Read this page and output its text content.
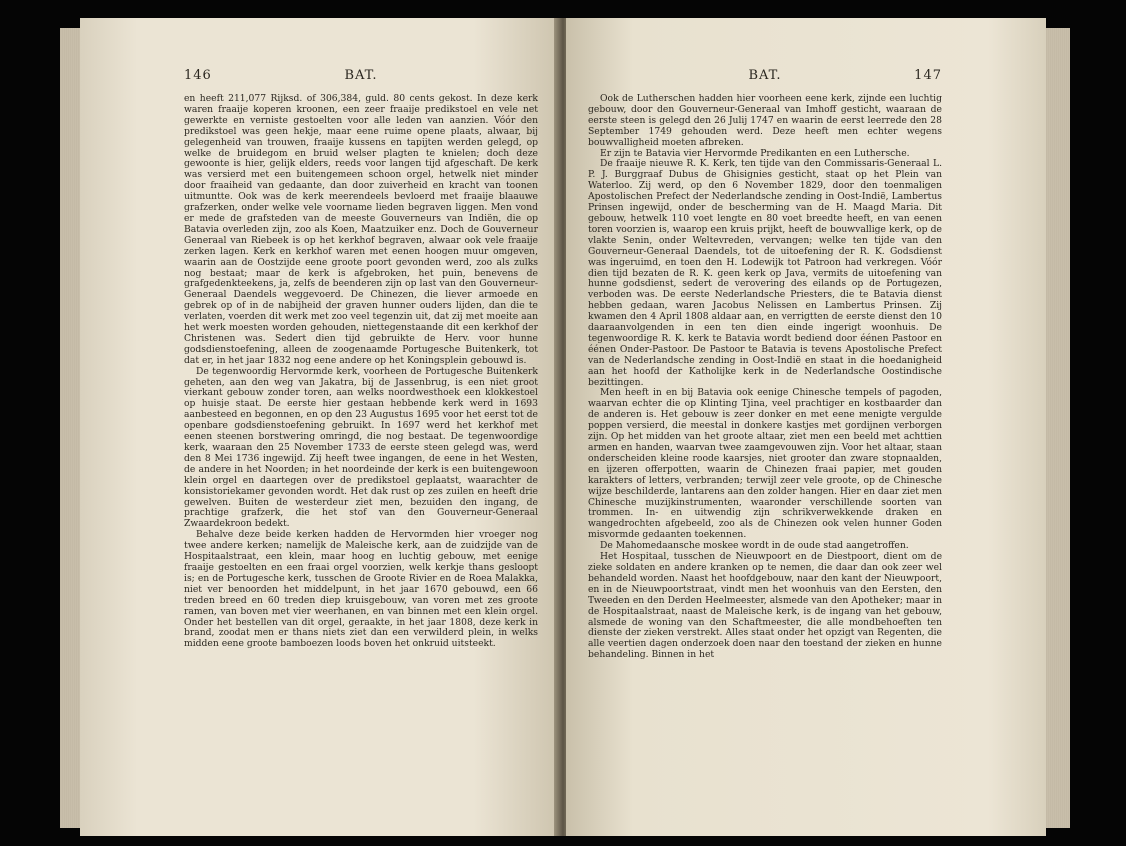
146	BAT.

en heeft 211,077 Rijksd. of 306,384, guld. 80 cents gekost. In deze kerk waren fraaije koperen kroonen, een zeer fraaije predikstoel en vele net gewerkte en verniste gestoelten voor alle leden van aanzien. Vóór den predikstoel was geen hekje, maar eene ruime opene plaats, alwaar, bij gelegenheid van trouwen, fraaije kussens en tapijten werden gelegd, op welke de bruidegom en bruid welser plagten te knielen; doch deze gewoonte is hier, gelijk elders, reeds voor langen tijd afgeschaft. De kerk was versierd met een buitengemeen schoon orgel, hetwelk niet minder door fraaiheid van gedaante, dan door zuiverheid en kracht van toonen uitmuntte. Ook was de kerk meerendeels bevloerd met fraaije blaauwe grafzerken, onder welke vele voorname lieden begraven liggen. Men vond er mede de grafsteden van de meeste Gouverneurs van Indiën, die op Batavia overleden zijn, zoo als Koen, Maatzuiker enz. Doch de Gouverneur Generaal van Riebeek is op het kerkhof begraven, alwaar ook vele fraaije zerken lagen. Kerk en kerkhof waren met eenen hoogen muur omgeven, waarin aan de Oostzijde eene groote poort gevonden werd, zoo als zulks nog bestaat; maar de kerk is afgebroken, het puin, benevens de grafgedenkteekens, ja, zelfs de beenderen zijn op last van den Gouverneur-Generaal Daendels weggevoerd. De Chinezen, die liever armoede en gebrek op of in de nabijheid der graven hunner ouders lijden, dan die te verlaten, voerden dit werk met zoo veel tegenzin uit, dat zij met moeite aan het werk moesten worden gehouden, niettegenstaande dit een kerkhof der Christenen was. Sedert dien tijd gebruikte de Herv. voor hunne godsdienstoefening, alleen de zoogenaamde Portugesche Buitenkerk, tot dat er, in het jaar 1832 nog eene andere op het Koningsplein gebouwd is.

De tegenwoordig Hervormde kerk, voorheen de Portugesche Buitenkerk geheten, aan den weg van Jakatra, bij de Jassenbrug, is een niet groot vierkant gebouw zonder toren, aan welks noordwesthoek een klokkestoel op huisje staat. De eerste hier gestaan hebbende kerk werd in 1693 aanbesteed en begonnen, en op den 23 Augustus 1695 voor het eerst tot de openbare godsdienstoefening gebruikt. In 1697 werd het kerkhof met eenen steenen borstwering omringd, die nog bestaat. De tegenwoordige kerk, waaraan den 25 November 1733 de eerste steen gelegd was, werd den 8 Mei 1736 ingewijd. Zij heeft twee ingangen, de eene in het Westen, de andere in het Noorden; in het noordeinde der kerk is een buitengewoon klein orgel en daartegen over de predikstoel geplaatst, waarachter de konsistoriekamer gevonden wordt. Het dak rust op zes zuilen en heeft drie gewelven. Buiten de westerdeur ziet men, bezuiden den ingang, de prachtige grafzerk, die het stof van den Gouverneur-Generaal Zwaardekroon bedekt.

Behalve deze beide kerken hadden de Hervormden hier vroeger nog twee andere kerken; namelijk de Maleische kerk, aan de zuidzijde van de Hospitaalstraat, een klein, maar hoog en luchtig gebouw, met eenige fraaije gestoelten en een fraai orgel voorzien, welk kerkje thans gesloopt is; en de Portugesche kerk, tusschen de Groote Rivier en de Roea Malakka, niet ver benoorden het middelpunt, in het jaar 1670 gebouwd, een 66 treden breed en 60 treden diep kruisgebouw, van voren met zes groote ramen, van boven met vier weerhanen, en van binnen met een klein orgel. Onder het bestellen van dit orgel, geraakte, in het jaar 1808, deze kerk in brand, zoodat men er thans niets ziet dan een verwilderd plein, in welks midden eene groote bamboezen loods boven het onkruid uitsteekt.

BAT.	147

Ook de Lutherschen hadden hier voorheen eene kerk, zijnde een luchtig gebouw, door den Gouverneur-Generaal van Imhoff gesticht, waaraan de eerste steen is gelegd den 26 Julij 1747 en waarin de eerst leerrede den 28 September 1749 gehouden werd. Deze heeft men echter wegens bouwvalligheid moeten afbreken.

Er zijn te Batavia vier Hervormde Predikanten en een Luthersche.

De fraaije nieuwe R. K. Kerk, ten tijde van den Commissaris-Generaal L. P. J. Burggraaf Dubus de Ghisignies gesticht, staat op het Plein van Waterloo. Zij werd, op den 6 November 1829, door den toenmaligen Apostolischen Prefect der Nederlandsche zending in Oost-Indië, Lambertus Prinsen ingewijd, onder de bescherming van de H. Maagd Maria. Dit gebouw, hetwelk 110 voet lengte en 80 voet breedte heeft, en van eenen toren voorzien is, waarop een kruis prijkt, heeft de bouwvallige kerk, op de vlakte Senin, onder Weltevreden, vervangen; welke ten tijde van den Gouverneur-Generaal Daendels, tot de uitoefening der R. K. Godsdienst was ingeruimd, en toen den H. Lodewijk tot Patroon had verkregen. Vóór dien tijd bezaten de R. K. geen kerk op Java, vermits de uitoefening van hunne godsdienst, sedert de verovering des eilands op de Portugezen, verboden was. De eerste Nederlandsche Priesters, die te Batavia dienst hebben gedaan, waren Jacobus Nelissen en Lambertus Prinsen. Zij kwamen den 4 April 1808 aldaar aan, en verrigtten de eerste dienst den 10 daaraanvolgenden in een ten dien einde ingerigt woonhuis. De tegenwoordige R. K. kerk te Batavia wordt bediend door éénen Pastoor en éénen Onder-Pastoor. De Pastoor te Batavia is tevens Apostolische Prefect van de Nederlandsche zending in Oost-Indië en staat in die hoedanigheid aan het hoofd der Katholijke kerk in de Nederlandsche Oostindische bezittingen.

Men heeft in en bij Batavia ook eenige Chinesche tempels of pagoden, waarvan echter die op Klinting Tjina, veel prachtiger en kostbaarder dan de anderen is. Het gebouw is zeer donker en met eene menigte vergulde poppen versierd, die meestal in donkere kastjes met gordijnen verborgen zijn. Op het midden van het groote altaar, ziet men een beeld met achttien armen en handen, waarvan twee zaamgevouwen zijn. Voor het altaar, staan onderscheiden kleine roode kaarsjes, niet grooter dan zware stopnaalden, en ijzeren offerpotten, waarin de Chinezen fraai papier, met gouden karakters of letters, verbranden; terwijl zeer vele groote, op de Chinesche wijze beschilderde, lantarens aan den zolder hangen. Hier en daar ziet men Chinesche muzijkinstrumenten, waaronder verschillende soorten van trommen. In- en uitwendig zijn schrikverwekkende draken en wangedrochten afgebeeld, zoo als de Chinezen ook velen hunner Goden misvormde gedaanten toekennen.

De Mahomedaansche moskee wordt in de oude stad aangetroffen.

Het Hospitaal, tusschen de Nieuwpoort en de Diestpoort, dient om de zieke soldaten en andere kranken op te nemen, die daar dan ook zeer wel behandeld worden. Naast het hoofdgebouw, naar den kant der Nieuwpoort, en in de Nieuwpoortstraat, vindt men het woonhuis van den Eersten, den Tweeden en den Derden Heelmeester, alsmede van den Apotheker; maar in de Hospitaalstraat, naast de Maleische kerk, is de ingang van het gebouw, alsmede de woning van den Schaftmeester, die alle mondbehoeften ten dienste der zieken verstrekt. Alles staat onder het opzigt van Regenten, die alle veertien dagen onderzoek doen naar den toestand der zieken en hunne behandeling. Binnen in het
